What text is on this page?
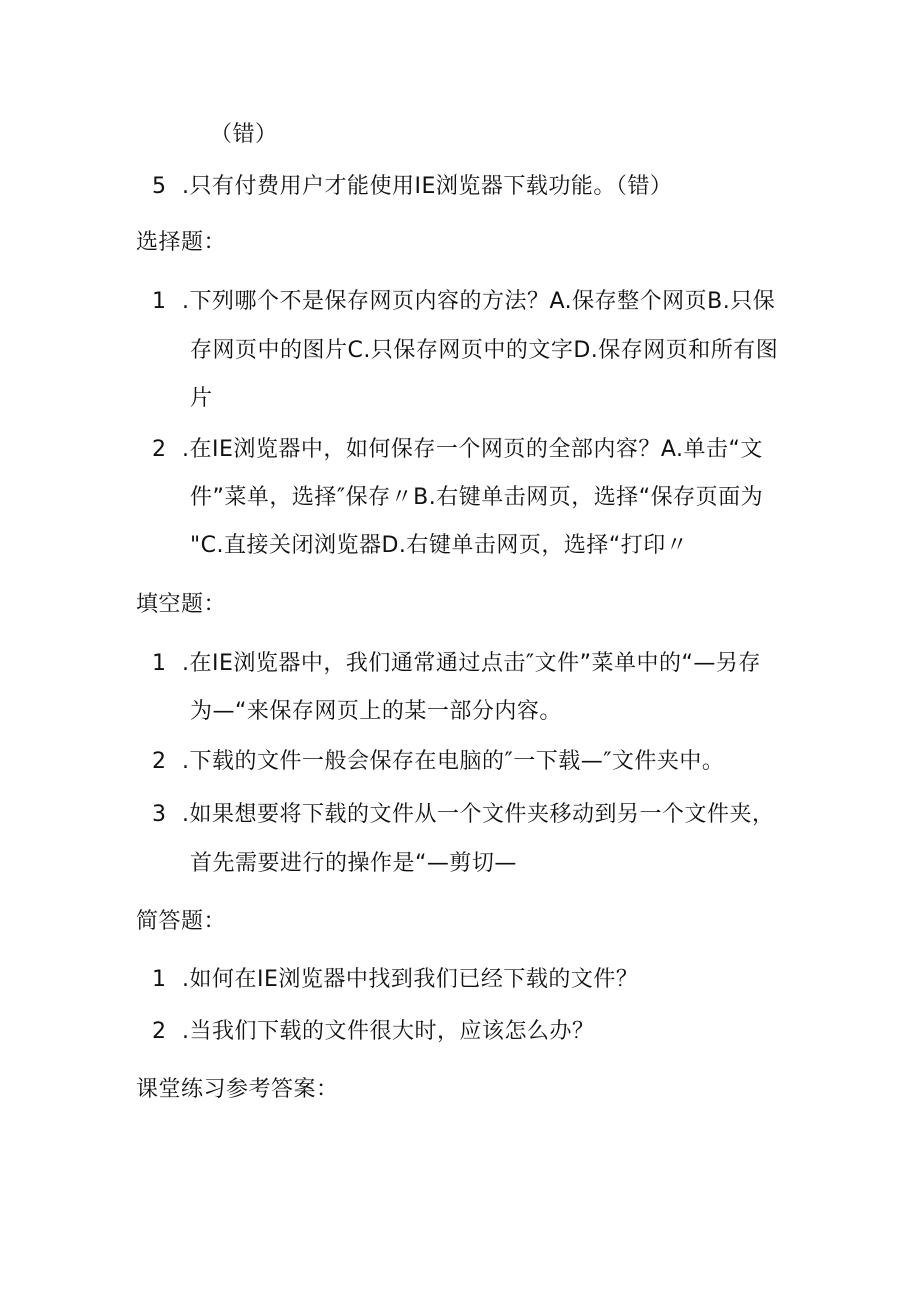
（错）
5 .只有付费用户才能使用IE浏览器下载功能。（错）
选择题：
1 .下列哪个不是保存网页内容的方法？A.保存整个网页B.只保
存网页中的图片C.只保存网页中的文字D.保存网页和所有图
片
2 .在IE浏览器中，如何保存一个网页的全部内容？A.单击“文
件”菜单，选择″保存〃B.右键单击网页，选择“保存页面为
"C.直接关闭浏览器D.右键单击网页，选择“打印〃
填空题：
1 .在IE浏览器中，我们通常通过点击″文件”菜单中的“—另存
为—“来保存网页上的某一部分内容。
2 .下载的文件一般会保存在电脑的″一下载—″文件夹中。
3 .如果想要将下载的文件从一个文件夹移动到另一个文件夹，
首先需要进行的操作是“—剪切—
简答题：
1 .如何在IE浏览器中找到我们已经下载的文件？
2 .当我们下载的文件很大时，应该怎么办？
课堂练习参考答案：
